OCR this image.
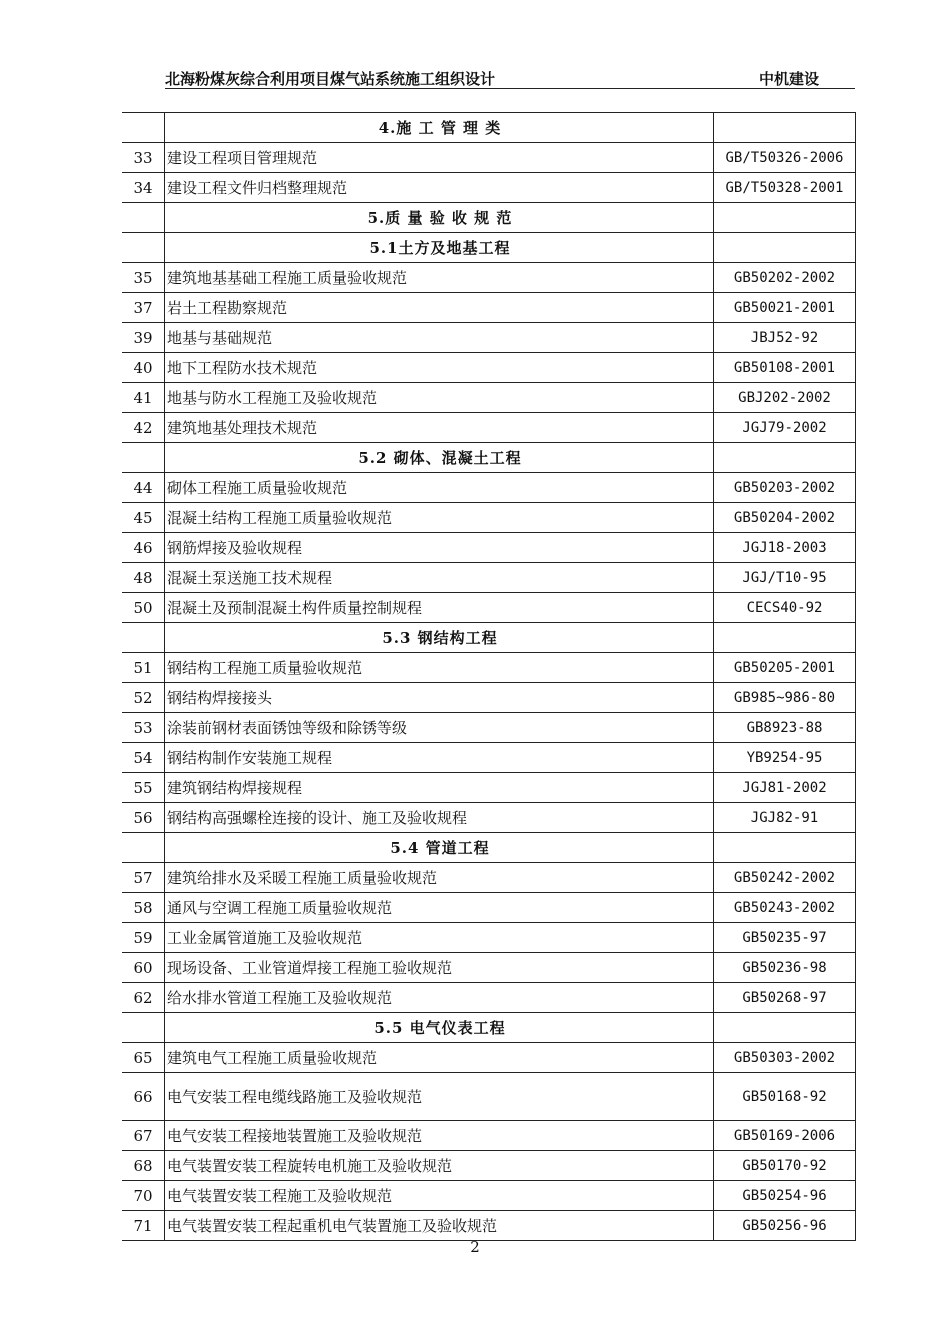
北海粉煤灰综合利用项目煤气站系统施工组织设计	中机建设
	4.施 工 管 理 类	
33	建设工程项目管理规范	GB/T50326-2006
34	建设工程文件归档整理规范	GB/T50328-2001
	5.质 量 验 收 规 范	
	5.1土方及地基工程	
35	建筑地基基础工程施工质量验收规范	GB50202-2002
37	岩土工程勘察规范	GB50021-2001
39	地基与基础规范	JBJ52-92
40	地下工程防水技术规范	GB50108-2001
41	地基与防水工程施工及验收规范	GBJ202-2002
42	建筑地基处理技术规范	JGJ79-2002
	5.2 砌体、混凝土工程	
44	砌体工程施工质量验收规范	GB50203-2002
45	混凝土结构工程施工质量验收规范	GB50204-2002
46	钢筋焊接及验收规程	JGJ18-2003
48	混凝土泵送施工技术规程	JGJ/T10-95
50	混凝土及预制混凝土构件质量控制规程	CECS40-92
	5.3 钢结构工程	
51	钢结构工程施工质量验收规范	GB50205-2001
52	钢结构焊接接头	GB985~986-80
53	涂装前钢材表面锈蚀等级和除锈等级	GB8923-88
54	钢结构制作安装施工规程	YB9254-95
55	建筑钢结构焊接规程	JGJ81-2002
56	钢结构高强螺栓连接的设计、施工及验收规程	JGJ82-91
	5.4 管道工程	
57	建筑给排水及采暖工程施工质量验收规范	GB50242-2002
58	通风与空调工程施工质量验收规范	GB50243-2002
59	工业金属管道施工及验收规范	GB50235-97
60	现场设备、工业管道焊接工程施工验收规范	GB50236-98
62	给水排水管道工程施工及验收规范	GB50268-97
	5.5 电气仪表工程	
65	建筑电气工程施工质量验收规范	GB50303-2002
66	电气安装工程电缆线路施工及验收规范	GB50168-92
67	电气安装工程接地装置施工及验收规范	GB50169-2006
68	电气装置安装工程旋转电机施工及验收规范	GB50170-92
70	电气装置安装工程施工及验收规范	GB50254-96
71	电气装置安装工程起重机电气装置施工及验收规范	GB50256-96
2
